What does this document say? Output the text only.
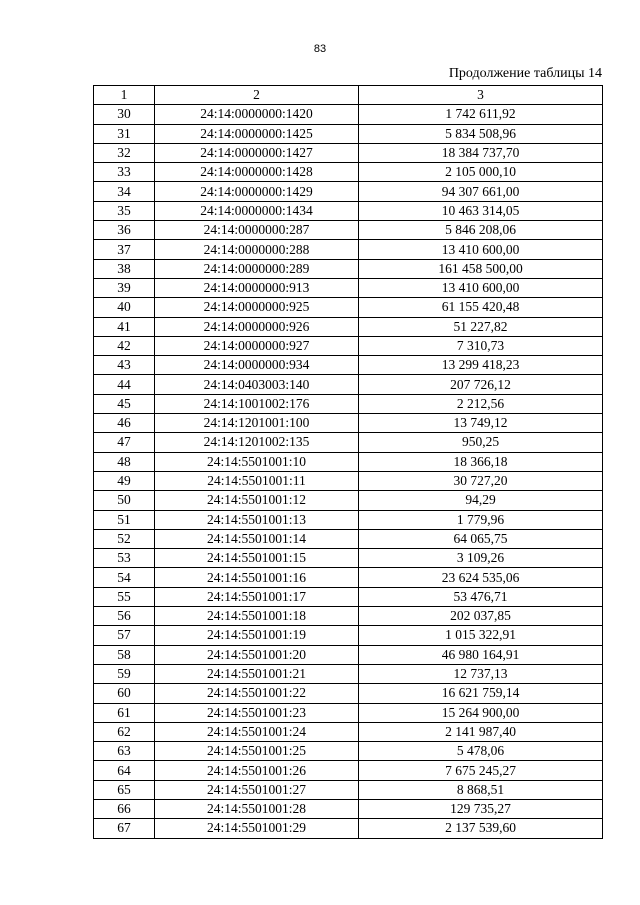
83
Продолжение таблицы 14
1	2	3
30	24:14:0000000:1420	1 742 611,92
31	24:14:0000000:1425	5 834 508,96
32	24:14:0000000:1427	18 384 737,70
33	24:14:0000000:1428	2 105 000,10
34	24:14:0000000:1429	94 307 661,00
35	24:14:0000000:1434	10 463 314,05
36	24:14:0000000:287	5 846 208,06
37	24:14:0000000:288	13 410 600,00
38	24:14:0000000:289	161 458 500,00
39	24:14:0000000:913	13 410 600,00
40	24:14:0000000:925	61 155 420,48
41	24:14:0000000:926	51 227,82
42	24:14:0000000:927	7 310,73
43	24:14:0000000:934	13 299 418,23
44	24:14:0403003:140	207 726,12
45	24:14:1001002:176	2 212,56
46	24:14:1201001:100	13 749,12
47	24:14:1201002:135	950,25
48	24:14:5501001:10	18 366,18
49	24:14:5501001:11	30 727,20
50	24:14:5501001:12	94,29
51	24:14:5501001:13	1 779,96
52	24:14:5501001:14	64 065,75
53	24:14:5501001:15	3 109,26
54	24:14:5501001:16	23 624 535,06
55	24:14:5501001:17	53 476,71
56	24:14:5501001:18	202 037,85
57	24:14:5501001:19	1 015 322,91
58	24:14:5501001:20	46 980 164,91
59	24:14:5501001:21	12 737,13
60	24:14:5501001:22	16 621 759,14
61	24:14:5501001:23	15 264 900,00
62	24:14:5501001:24	2 141 987,40
63	24:14:5501001:25	5 478,06
64	24:14:5501001:26	7 675 245,27
65	24:14:5501001:27	8 868,51
66	24:14:5501001:28	129 735,27
67	24:14:5501001:29	2 137 539,60
